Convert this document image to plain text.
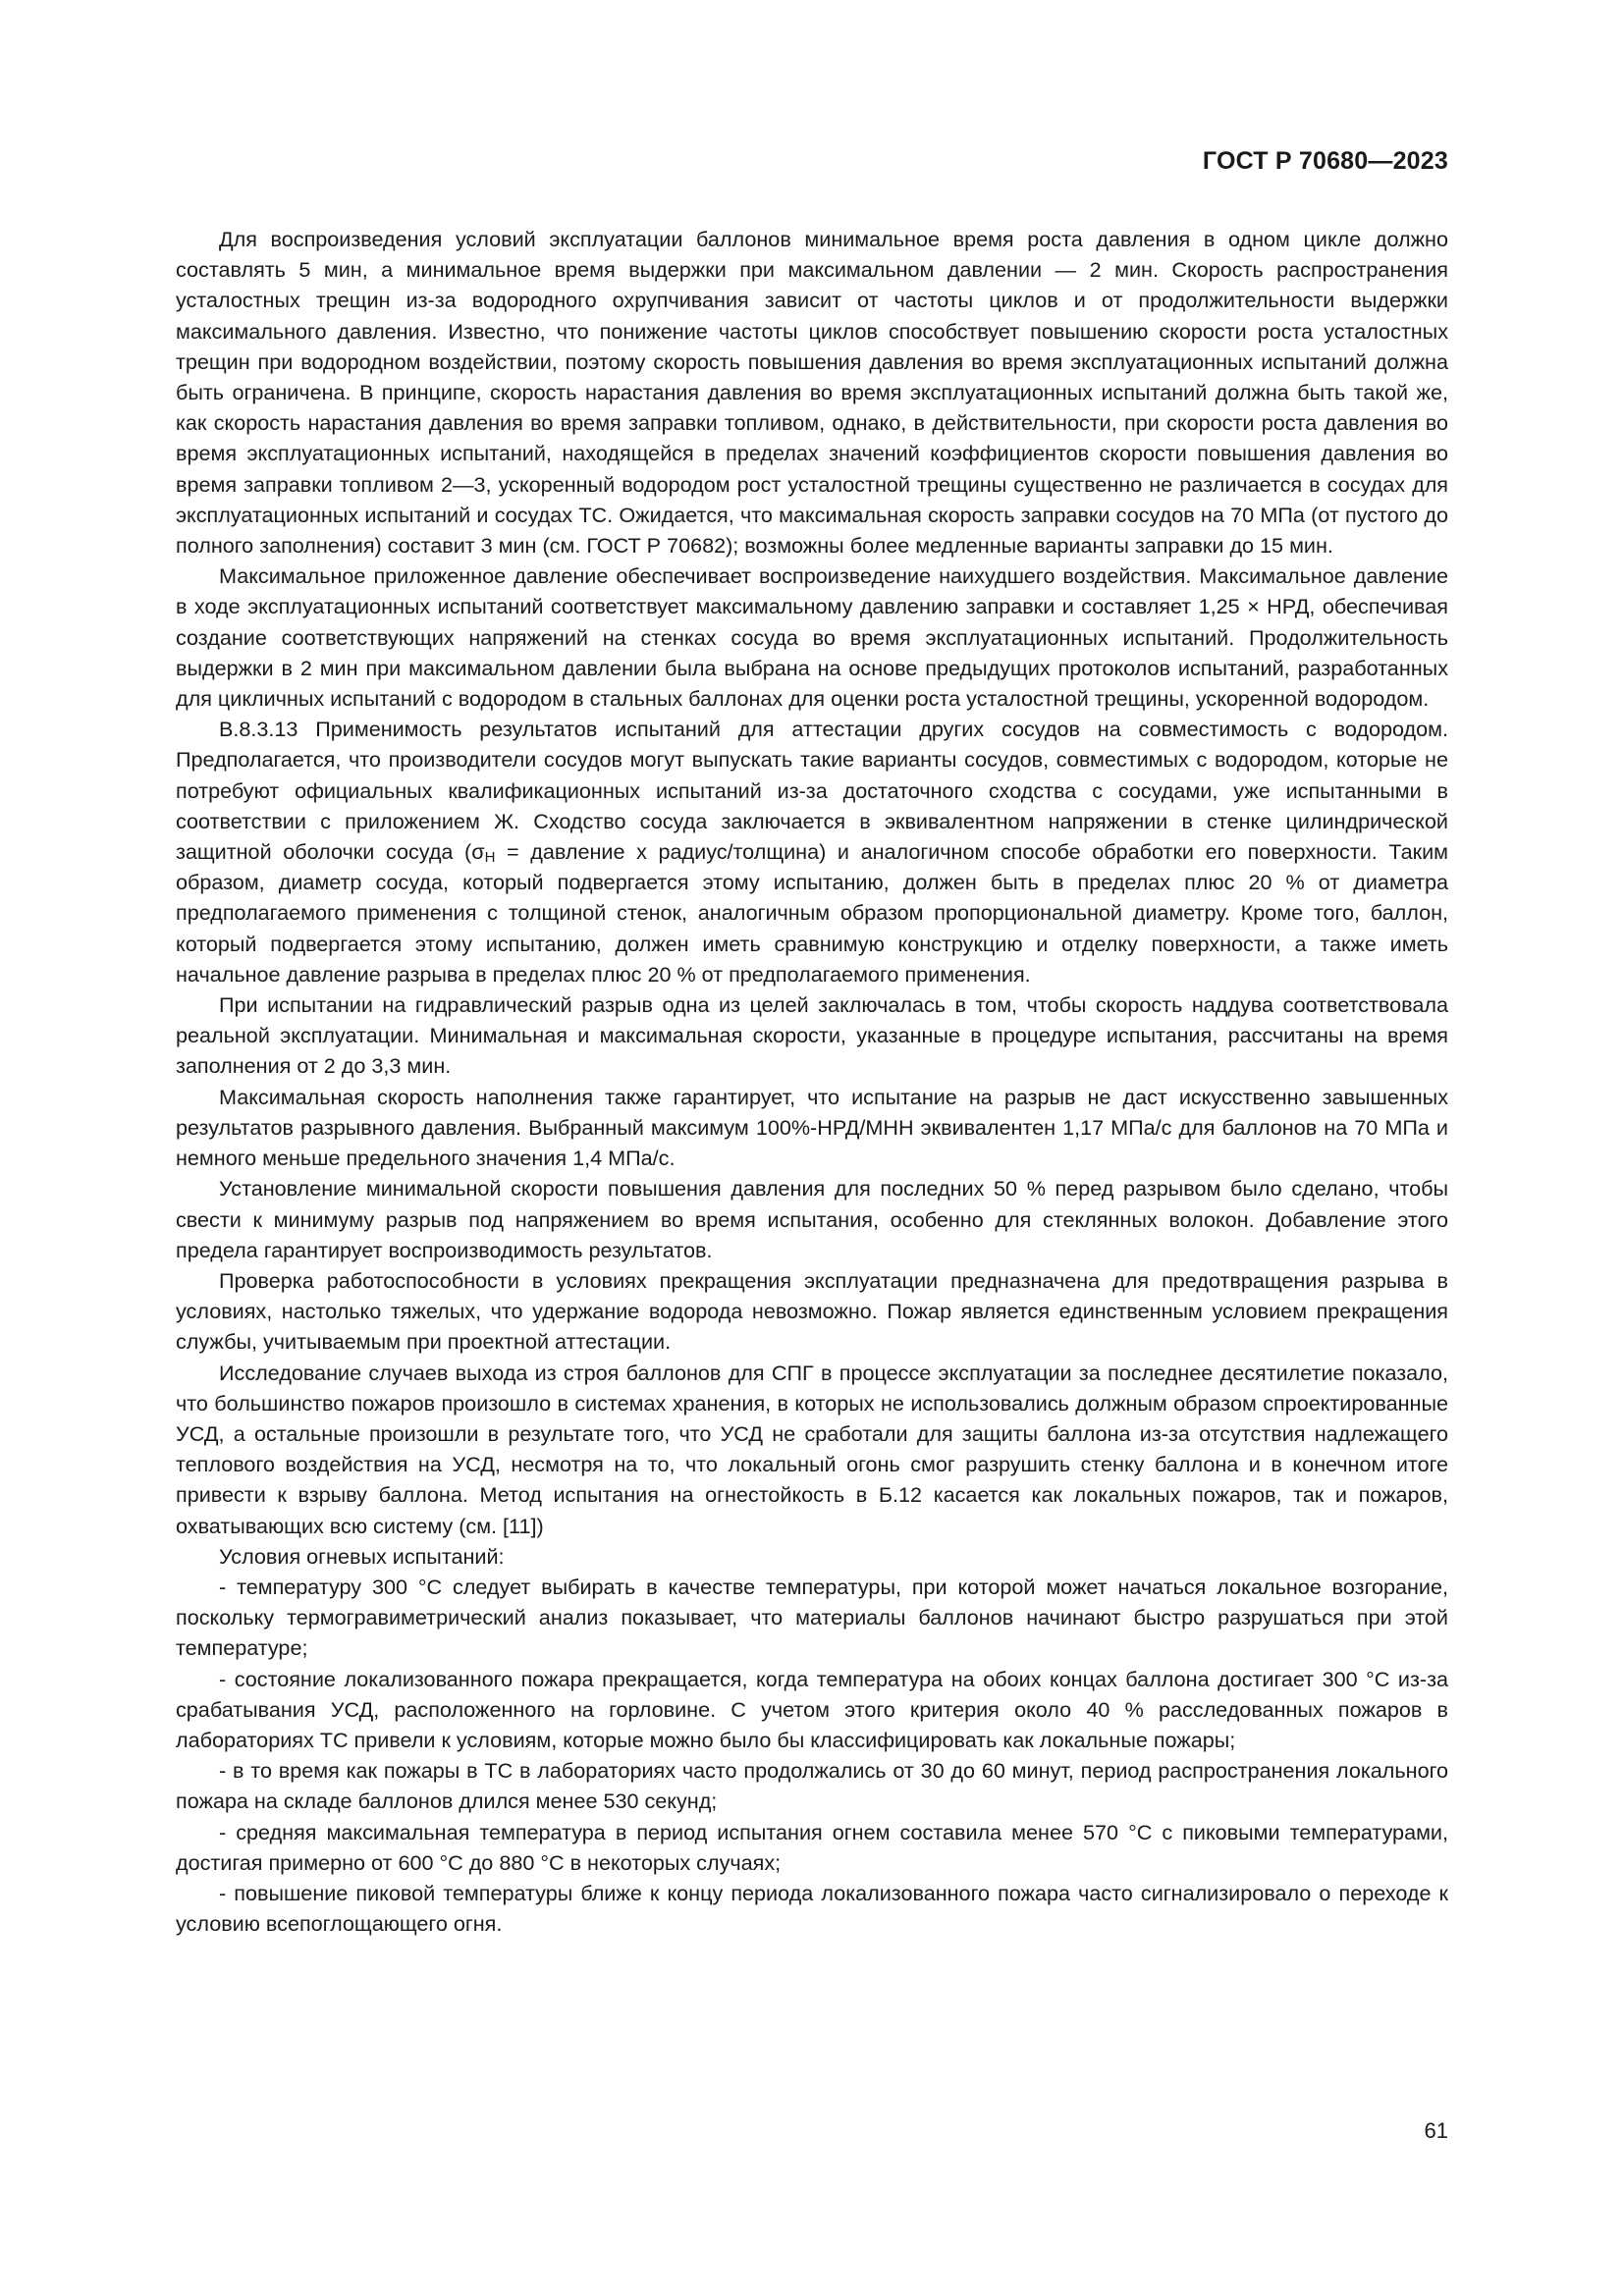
ГОСТ Р 70680—2023

Для воспроизведения условий эксплуатации баллонов минимальное время роста давления в одном цикле должно составлять 5 мин, а минимальное время выдержки при максимальном давлении — 2 мин. Скорость распространения усталостных трещин из-за водородного охрупчивания зависит от частоты циклов и от продолжительности выдержки максимального давления. Известно, что понижение частоты циклов способствует повышению скорости роста усталостных трещин при водородном воздействии, поэтому скорость повышения давления во время эксплуатационных испытаний должна быть ограничена. В принципе, скорость нарастания давления во время эксплуатационных испытаний должна быть такой же, как скорость нарастания давления во время заправки топливом, однако, в действительности, при скорости роста давления во время эксплуатационных испытаний, находящейся в пределах значений коэффициентов скорости повышения давления во время заправки топливом 2—3, ускоренный водородом рост усталостной трещины существенно не различается в сосудах для эксплуатационных испытаний и сосудах ТС. Ожидается, что максимальная скорость заправки сосудов на 70 МПа (от пустого до полного заполнения) составит 3 мин (см. ГОСТ Р 70682); возможны более медленные варианты заправки до 15 мин.

Максимальное приложенное давление обеспечивает воспроизведение наихудшего воздействия. Максимальное давление в ходе эксплуатационных испытаний соответствует максимальному давлению заправки и составляет 1,25 × НРД, обеспечивая создание соответствующих напряжений на стенках сосуда во время эксплуатационных испытаний. Продолжительность выдержки в 2 мин при максимальном давлении была выбрана на основе предыдущих протоколов испытаний, разработанных для цикличных испытаний с водородом в стальных баллонах для оценки роста усталостной трещины, ускоренной водородом.

В.8.3.13 Применимость результатов испытаний для аттестации других сосудов на совместимость с водородом. Предполагается, что производители сосудов могут выпускать такие варианты сосудов, совместимых с водородом, которые не потребуют официальных квалификационных испытаний из-за достаточного сходства с сосудами, уже испытанными в соответствии с приложением Ж. Сходство сосуда заключается в эквивалентном напряжении в стенке цилиндрической защитной оболочки сосуда ($\sigma_Н$ = давление х радиус/толщина) и аналогичном способе обработки его поверхности. Таким образом, диаметр сосуда, который подвергается этому испытанию, должен быть в пределах плюс 20 % от диаметра предполагаемого применения с толщиной стенок, аналогичным образом пропорциональной диаметру. Кроме того, баллон, который подвергается этому испытанию, должен иметь сравнимую конструкцию и отделку поверхности, а также иметь начальное давление разрыва в пределах плюс 20 % от предполагаемого применения.

При испытании на гидравлический разрыв одна из целей заключалась в том, чтобы скорость наддува соответствовала реальной эксплуатации. Минимальная и максимальная скорости, указанные в процедуре испытания, рассчитаны на время заполнения от 2 до 3,3 мин.

Максимальная скорость наполнения также гарантирует, что испытание на разрыв не даст искусственно завышенных результатов разрывного давления. Выбранный максимум 100%-НРД/МНН эквивалентен 1,17 МПа/с для баллонов на 70 МПа и немного меньше предельного значения 1,4 МПа/с.

Установление минимальной скорости повышения давления для последних 50 % перед разрывом было сделано, чтобы свести к минимуму разрыв под напряжением во время испытания, особенно для стеклянных волокон. Добавление этого предела гарантирует воспроизводимость результатов.

Проверка работоспособности в условиях прекращения эксплуатации предназначена для предотвращения разрыва в условиях, настолько тяжелых, что удержание водорода невозможно. Пожар является единственным условием прекращения службы, учитываемым при проектной аттестации.

Исследование случаев выхода из строя баллонов для СПГ в процессе эксплуатации за последнее десятилетие показало, что большинство пожаров произошло в системах хранения, в которых не использовались должным образом спроектированные УСД, а остальные произошли в результате того, что УСД не сработали для защиты баллона из-за отсутствия надлежащего теплового воздействия на УСД, несмотря на то, что локальный огонь смог разрушить стенку баллона и в конечном итоге привести к взрыву баллона. Метод испытания на огнестойкость в Б.12 касается как локальных пожаров, так и пожаров, охватывающих всю систему (см. [11])

Условия огневых испытаний:

- температуру 300 °С следует выбирать в качестве температуры, при которой может начаться локальное возгорание, поскольку термогравиметрический анализ показывает, что материалы баллонов начинают быстро разрушаться при этой температуре;

- состояние локализованного пожара прекращается, когда температура на обоих концах баллона достигает 300 °С из-за срабатывания УСД, расположенного на горловине. С учетом этого критерия около 40 % расследованных пожаров в лабораториях ТС привели к условиям, которые можно было бы классифицировать как локальные пожары;

- в то время как пожары в ТС в лабораториях часто продолжались от 30 до 60 минут, период распространения локального пожара на складе баллонов длился менее 530 секунд;

- средняя максимальная температура в период испытания огнем составила менее 570 °С с пиковыми температурами, достигая примерно от 600 °С до 880 °С в некоторых случаях;

- повышение пиковой температуры ближе к концу периода локализованного пожара часто сигнализировало о переходе к условию всепоглощающего огня.

61
